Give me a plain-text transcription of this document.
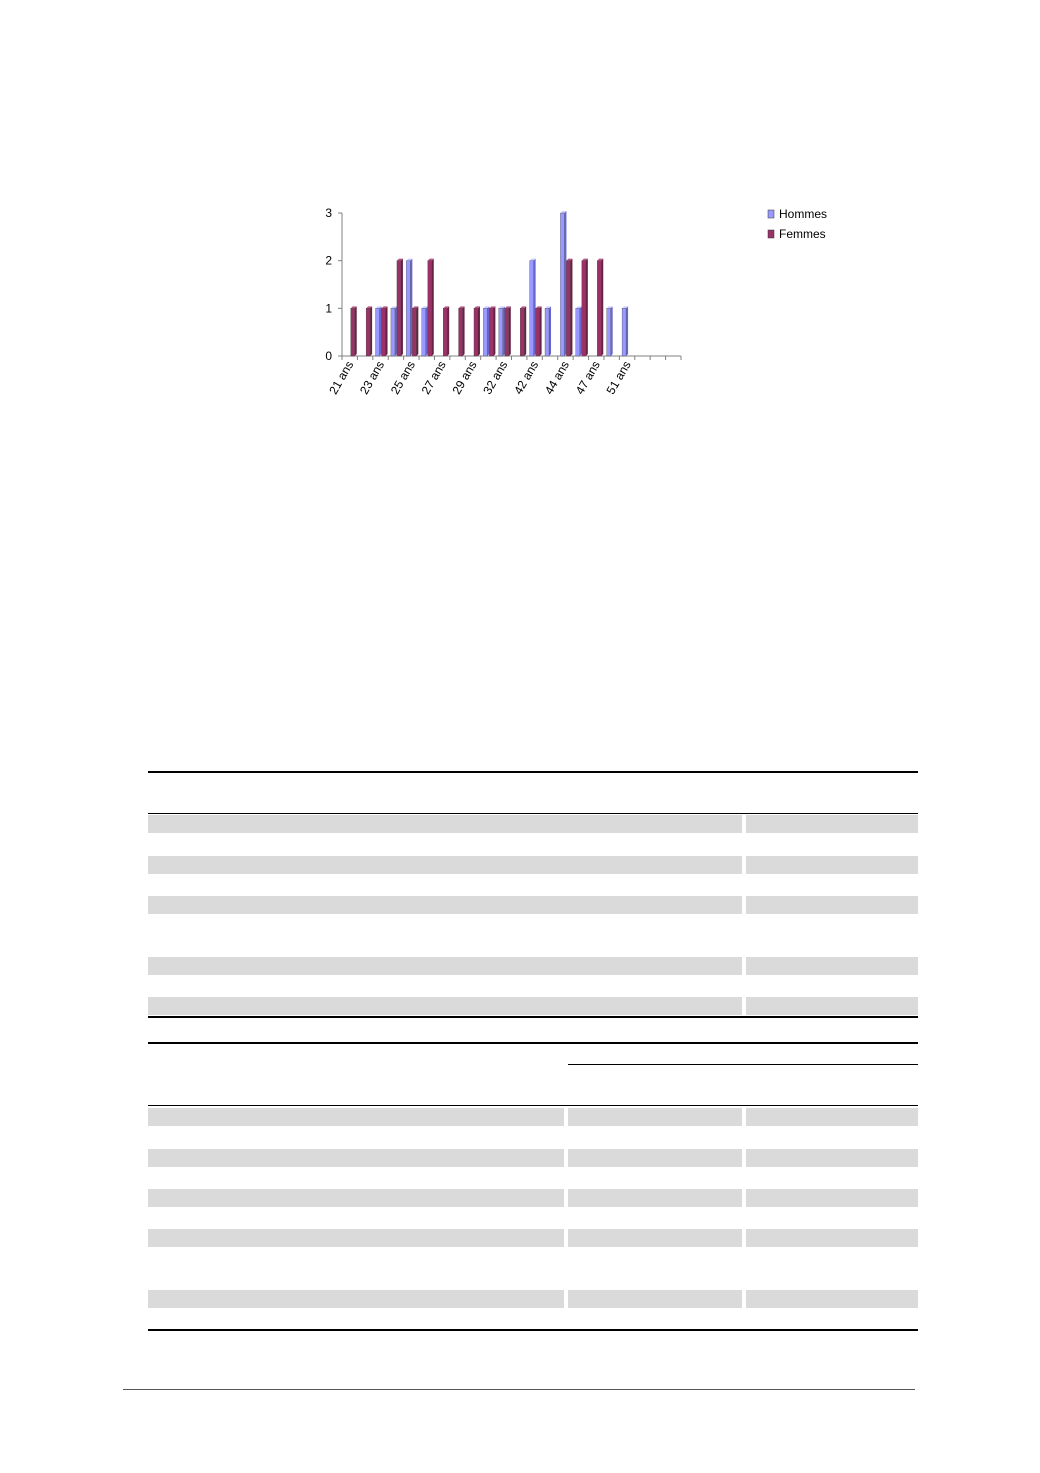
0
1
2
3
21 ans 23 ans 25 ans 27 ans 29 ans 32 ans 42 ans 44 ans 47 ans 51 ans
Hommes
Femmes
